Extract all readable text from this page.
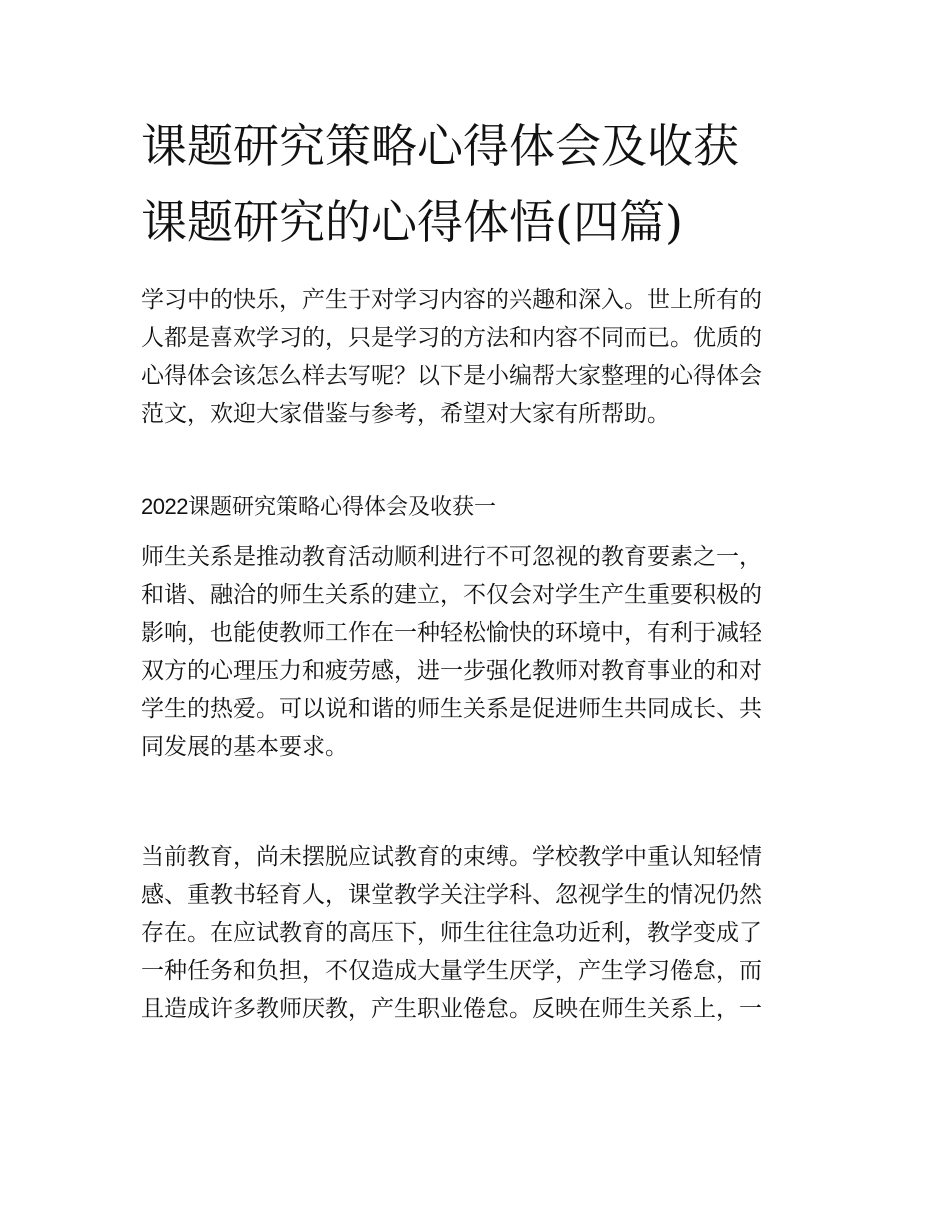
课题研究策略心得体会及收获
课题研究的心得体悟(四篇)
学习中的快乐，产生于对学习内容的兴趣和深入。世上所有的
人都是喜欢学习的，只是学习的方法和内容不同而已。优质的
心得体会该怎么样去写呢？以下是小编帮大家整理的心得体会
范文，欢迎大家借鉴与参考，希望对大家有所帮助。
2022课题研究策略心得体会及收获一
师生关系是推动教育活动顺利进行不可忽视的教育要素之一，
和谐、融洽的师生关系的建立，不仅会对学生产生重要积极的
影响，也能使教师工作在一种轻松愉快的环境中，有利于减轻
双方的心理压力和疲劳感，进一步强化教师对教育事业的和对
学生的热爱。可以说和谐的师生关系是促进师生共同成长、共
同发展的基本要求。
当前教育，尚未摆脱应试教育的束缚。学校教学中重认知轻情
感、重教书轻育人，课堂教学关注学科、忽视学生的情况仍然
存在。在应试教育的高压下，师生往往急功近利，教学变成了
一种任务和负担，不仅造成大量学生厌学，产生学习倦怠，而
且造成许多教师厌教，产生职业倦怠。反映在师生关系上，一
